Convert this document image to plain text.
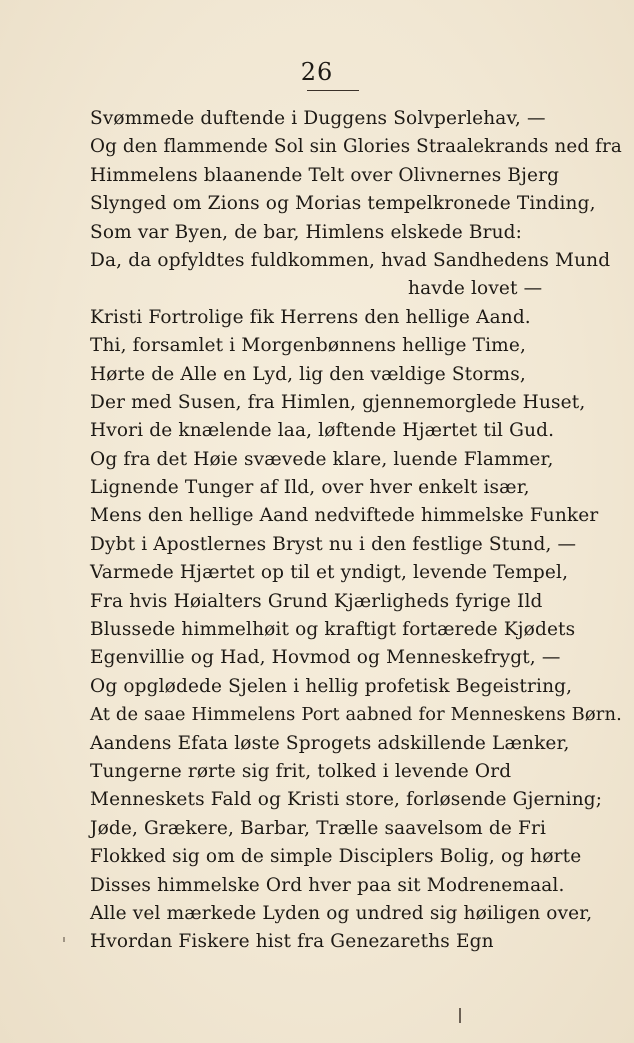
26
Svømmede duftende i Duggens Solvperlehav, —
Og den flammende Sol sin Glories Straalekrands ned fra
Himmelens blaanende Telt over Olivnernes Bjerg
Slynged om Zions og Morias tempelkronede Tinding,
Som var Byen, de bar, Himlens elskede Brud:
Da, da opfyldtes fuldkommen, hvad Sandhedens Mund
havde lovet —
Kristi Fortrolige fik Herrens den hellige Aand.
Thi, forsamlet i Morgenbønnens hellige Time,
Hørte de Alle en Lyd, lig den vældige Storms,
Der med Susen, fra Himlen, gjennemorglede Huset,
Hvori de knælende laa, løftende Hjærtet til Gud.
Og fra det Høie svævede klare, luende Flammer,
Lignende Tunger af Ild, over hver enkelt især,
Mens den hellige Aand nedviftede himmelske Funker
Dybt i Apostlernes Bryst nu i den festlige Stund, —
Varmede Hjærtet op til et yndigt, levende Tempel,
Fra hvis Høialters Grund Kjærligheds fyrige Ild
Blussede himmelhøit og kraftigt fortærede Kjødets
Egenvillie og Had, Hovmod og Menneskefrygt, —
Og opglødede Sjelen i hellig profetisk Begeistring,
At de saae Himmelens Port aabned for Menneskens Børn.
Aandens Efata løste Sprogets adskillende Lænker,
Tungerne rørte sig frit, tolked i levende Ord
Menneskets Fald og Kristi store, forløsende Gjerning;
Jøde, Grækere, Barbar, Trælle saavelsom de Fri
Flokked sig om de simple Disciplers Bolig, og hørte
Disses himmelske Ord hver paa sit Modrenemaal.
Alle vel mærkede Lyden og undred sig høiligen over,
Hvordan Fiskere hist fra Genezareths Egn
